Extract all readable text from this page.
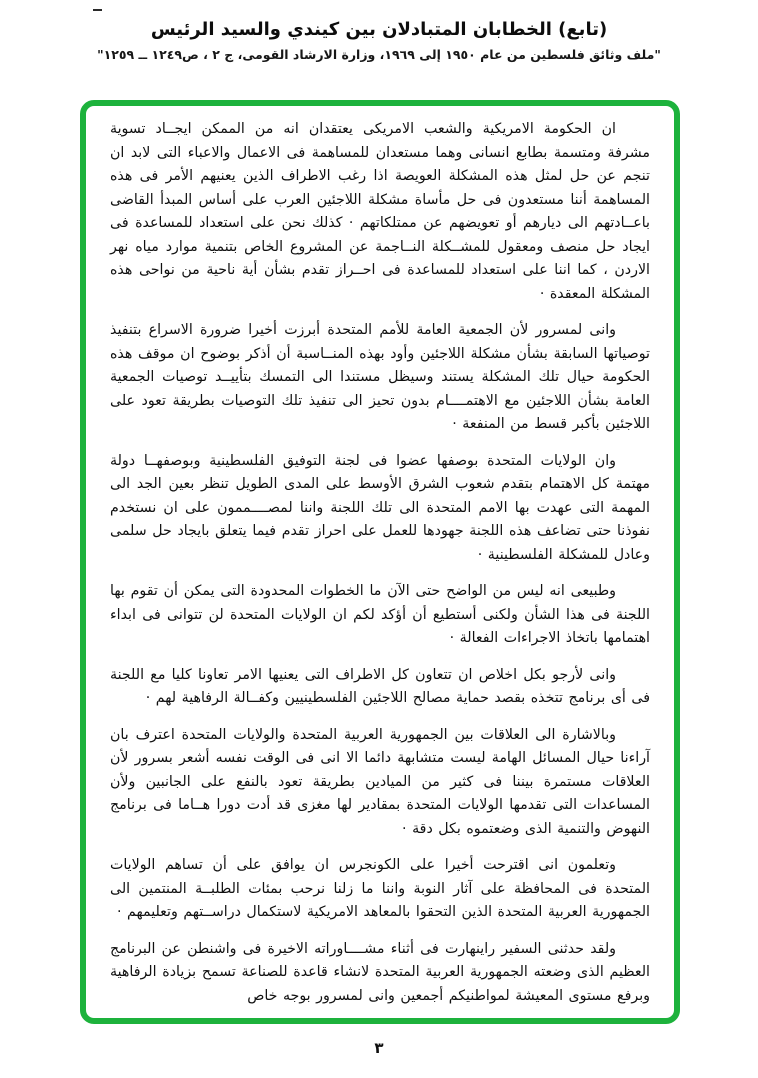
(تابع) الخطابان المتبادلان بين كيندي والسيد الرئيس
"ملف وثائق فلسطين من عام ١٩٥٠ إلى ١٩٦٩، وزارة الارشاد القومى، ج ٢ ، ص١٢٤٩ ــ ١٢٥٩"

ان الحكومة الامريكية والشعب الامريكى يعتقدان انه من الممكن ايجــاد تسوية مشرفة ومتسمة بطابع انسانى وهما مستعدان للمساهمة فى الاعمال والاعباء التى لابد ان تنجم عن حل لمثل هذه المشكلة العويصة اذا رغب الاطراف الذين يعنيهم الأمر فى هذه المساهمة أننا مستعدون فى حل مأساة مشكلة اللاجئين العرب على أساس المبدأ القاضى باعــادتهم الى ديارهم أو تعويضهم عن ممتلكاتهم · كذلك نحن على استعداد للمساعدة فى ايجاد حل منصف ومعقول للمشــكلة النــاجمة عن المشروع الخاص بتنمية موارد مياه نهر الاردن ، كما اننا على استعداد للمساعدة فى احــراز تقدم بشأن أية ناحية من نواحى هذه المشكلة المعقدة ·

وانى لمسرور لأن الجمعية العامة للأمم المتحدة أبرزت أخيرا ضرورة الاسراع بتنفيذ توصياتها السابقة بشأن مشكلة اللاجئين وأود بهذه المنــاسبة أن أذكر بوضوح ان موقف هذه الحكومة حيال تلك المشكلة يستند وسيظل مستندا الى التمسك بتأييــد توصيات الجمعية العامة بشأن اللاجئين مع الاهتمــــام بدون تحيز الى تنفيذ تلك التوصيات بطريقة تعود على اللاجئين بأكبر قسط من المنفعة ·

وان الولايات المتحدة بوصفها عضوا فى لجنة التوفيق الفلسطينية وبوصفهــا دولة مهتمة كل الاهتمام بتقدم شعوب الشرق الأوسط على المدى الطويل تنظر بعين الجد الى المهمة التى عهدت بها الامم المتحدة الى تلك اللجنة واننا لمصــــممون على ان نستخدم نفوذنا حتى تضاعف هذه اللجنة جهودها للعمل على احراز تقدم فيما يتعلق بايجاد حل سلمى وعادل للمشكلة الفلسطينية ·

وطبيعى انه ليس من الواضح حتى الآن ما الخطوات المحدودة التى يمكن أن تقوم بها اللجنة فى هذا الشأن ولكنى أستطيع أن أؤكد لكم ان الولايات المتحدة لن تتوانى فى ابداء اهتمامها باتخاذ الاجراءات الفعالة ·

وانى لأرجو بكل اخلاص ان تتعاون كل الاطراف التى يعنيها الامر تعاونا كليا مع اللجنة فى أى برنامج تتخذه بقصد حماية مصالح اللاجئين الفلسطينيين وكفــالة الرفاهية لهم ·

وبالاشارة الى العلاقات بين الجمهورية العربية المتحدة والولايات المتحدة اعترف بان آراءنا حيال المسائل الهامة ليست متشابهة دائما الا انى فى الوقت نفسه أشعر بسرور لأن العلاقات مستمرة بيننا فى كثير من الميادين بطريقة تعود بالنفع على الجانبين ولأن المساعدات التى تقدمها الولايات المتحدة بمقادير لها مغزى قد أدت دورا هــاما فى برنامج النهوض والتنمية الذى وضعتموه بكل دقة ·

وتعلمون انى اقترحت أخيرا على الكونجرس ان يوافق على أن تساهم الولايات المتحدة فى المحافظة على آثار النوبة واننا ما زلنا نرحب بمئات الطلبــة المنتمين الى الجمهورية العربية المتحدة الذين التحقوا بالمعاهد الامريكية لاستكمال دراســتهم وتعليمهم ·

ولقد حدثنى السفير راينهارت فى أثناء مشــــاوراته الاخيرة فى واشنطن عن البرنامج العظيم الذى وضعته الجمهورية العربية المتحدة لانشاء قاعدة للصناعة تسمح بزيادة الرفاهية وبرفع مستوى المعيشة لمواطنيكم أجمعين وانى لمسرور بوجه خاص

٣
